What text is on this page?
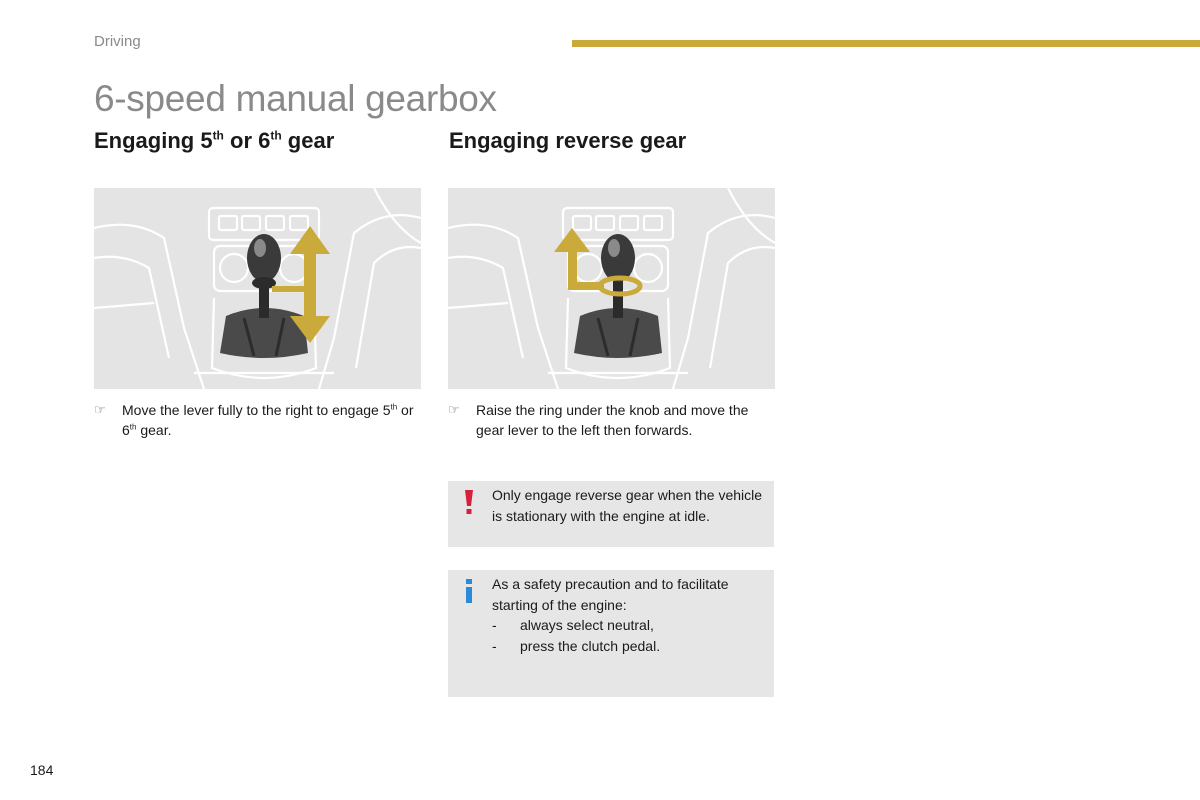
Driving
6-speed manual gearbox
Engaging 5th or 6th gear
☞ Move the lever fully to the right to engage 5th or 6th gear.
Engaging reverse gear
☞ Raise the ring under the knob and move the gear lever to the left then forwards.
Only engage reverse gear when the vehicle is stationary with the engine at idle.
As a safety precaution and to facilitate starting of the engine:
- always select neutral,
- press the clutch pedal.
184
